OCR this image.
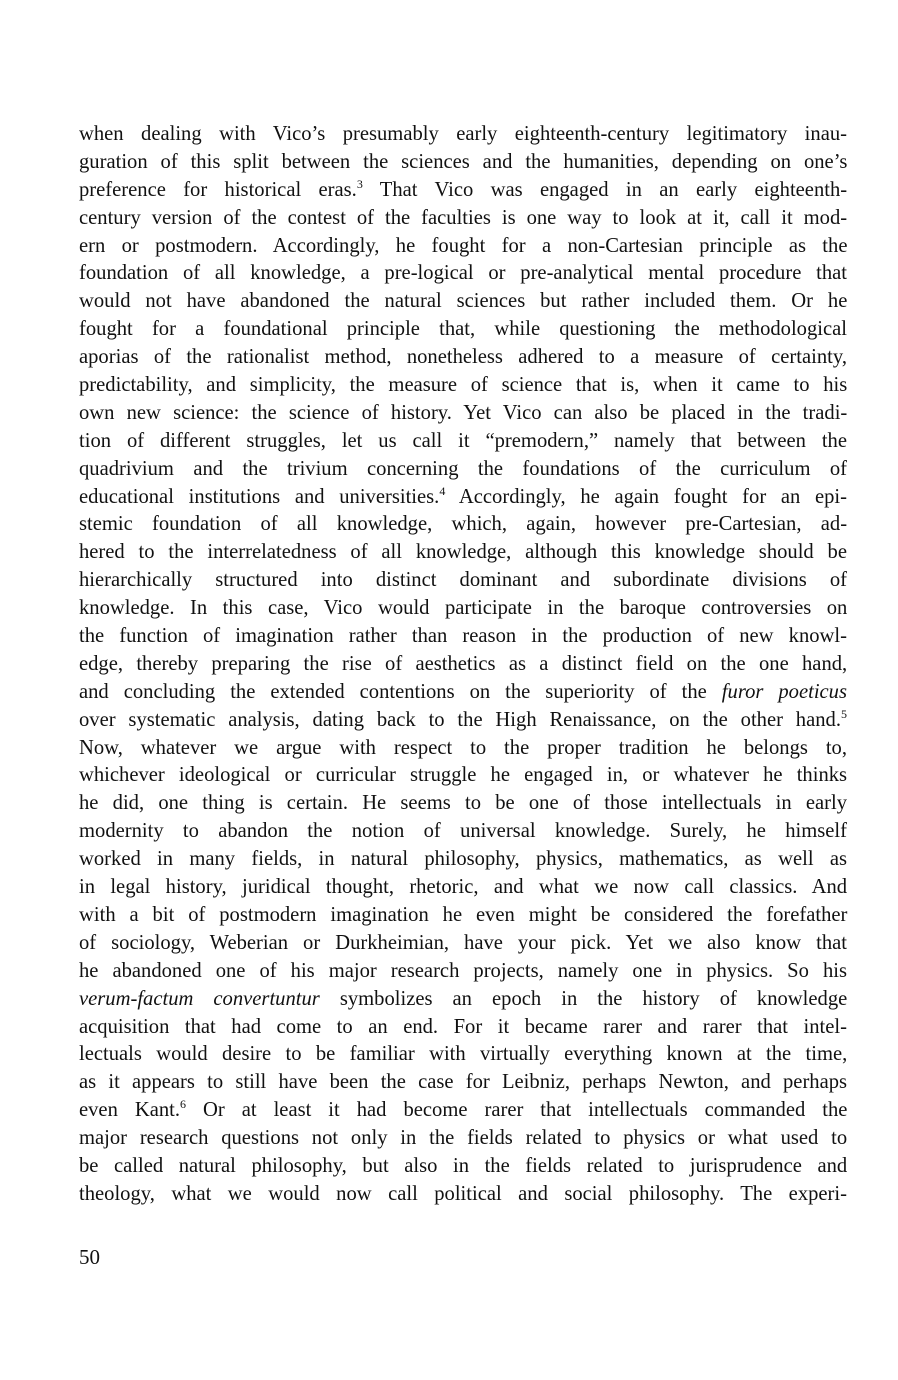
when dealing with Vico’s presumably early eighteenth-century legitimatory inau-
guration of this split between the sciences and the humanities, depending on one’s
preference for historical eras.$^3$ That Vico was engaged in an early eighteenth-
century version of the contest of the faculties is one way to look at it, call it mod-
ern or postmodern. Accordingly, he fought for a non-Cartesian principle as the
foundation of all knowledge, a pre-logical or pre-analytical mental procedure that
would not have abandoned the natural sciences but rather included them. Or he
fought for a foundational principle that, while questioning the methodological
aporias of the rationalist method, nonetheless adhered to a measure of certainty,
predictability, and simplicity, the measure of science that is, when it came to his
own new science: the science of history. Yet Vico can also be placed in the tradi-
tion of different struggles, let us call it “premodern,” namely that between the
quadrivium and the trivium concerning the foundations of the curriculum of
educational institutions and universities.$^4$ Accordingly, he again fought for an epi-
stemic foundation of all knowledge, which, again, however pre-Cartesian, ad-
hered to the interrelatedness of all knowledge, although this knowledge should be
hierarchically structured into distinct dominant and subordinate divisions of
knowledge. In this case, Vico would participate in the baroque controversies on
the function of imagination rather than reason in the production of new knowl-
edge, thereby preparing the rise of aesthetics as a distinct field on the one hand,
and concluding the extended contentions on the superiority of the furor poeticus
over systematic analysis, dating back to the High Renaissance, on the other hand.$^5$
Now, whatever we argue with respect to the proper tradition he belongs to,
whichever ideological or curricular struggle he engaged in, or whatever he thinks
he did, one thing is certain. He seems to be one of those intellectuals in early
modernity to abandon the notion of universal knowledge. Surely, he himself
worked in many fields, in natural philosophy, physics, mathematics, as well as
in legal history, juridical thought, rhetoric, and what we now call classics. And
with a bit of postmodern imagination he even might be considered the forefather
of sociology, Weberian or Durkheimian, have your pick. Yet we also know that
he abandoned one of his major research projects, namely one in physics. So his
verum-factum convertuntur symbolizes an epoch in the history of knowledge
acquisition that had come to an end. For it became rarer and rarer that intel-
lectuals would desire to be familiar with virtually everything known at the time,
as it appears to still have been the case for Leibniz, perhaps Newton, and perhaps
even Kant.$^6$ Or at least it had become rarer that intellectuals commanded the
major research questions not only in the fields related to physics or what used to
be called natural philosophy, but also in the fields related to jurisprudence and
theology, what we would now call political and social philosophy. The experi-
50
